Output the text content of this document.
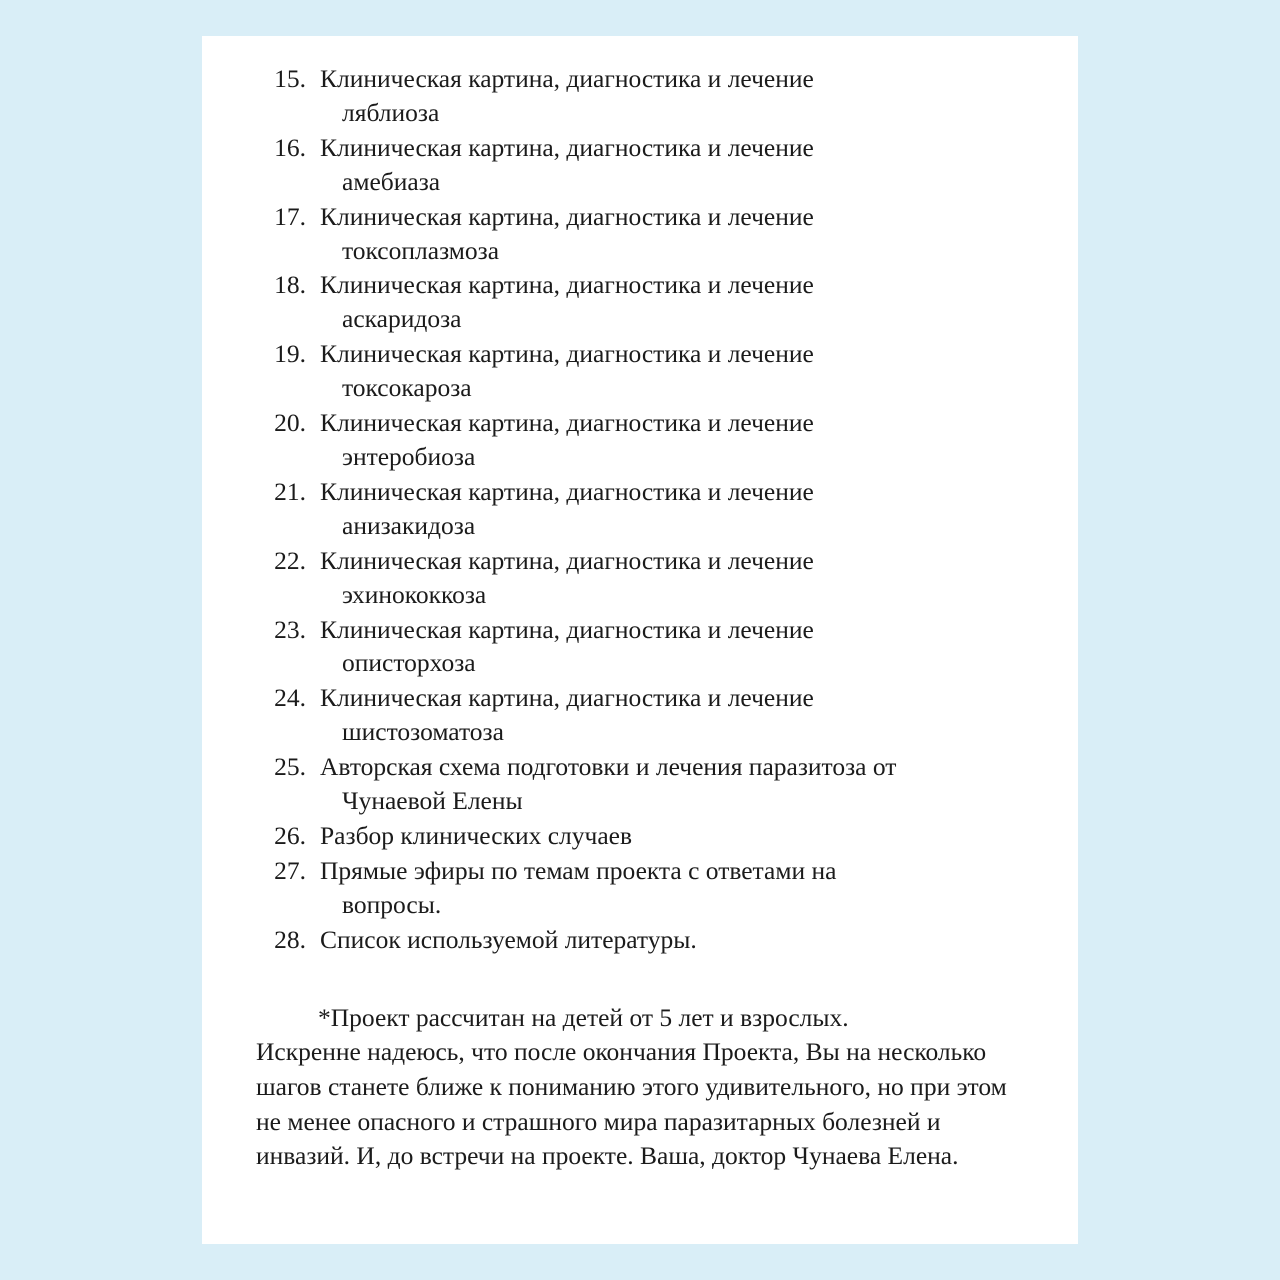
15. Клиническая картина, диагностика и лечение
ляблиоза
16. Клиническая картина, диагностика и лечение
амебиаза
17. Клиническая картина, диагностика и лечение
токсоплазмоза
18. Клиническая картина, диагностика и лечение
аскаридоза
19. Клиническая картина, диагностика и лечение
токсокароза
20. Клиническая картина, диагностика и лечение
энтеробиоза
21. Клиническая картина, диагностика и лечение
анизакидоза
22. Клиническая картина, диагностика и лечение
эхинококкоза
23. Клиническая картина, диагностика и лечение
описторхоза
24. Клиническая картина, диагностика и лечение
шистозоматоза
25. Авторская схема подготовки и лечения паразитоза от
Чунаевой Елены
26. Разбор клинических случаев
27. Прямые эфиры по темам проекта с ответами на
вопросы.
28. Список используемой литературы.
*Проект рассчитан на детей от 5 лет и взрослых.
Искренне надеюсь, что после окончания Проекта, Вы на несколько шагов станете ближе к пониманию этого удивительного, но при этом не менее опасного и страшного мира паразитарных болезней и инвазий. И, до встречи на проекте. Ваша, доктор Чунаева Елена.
